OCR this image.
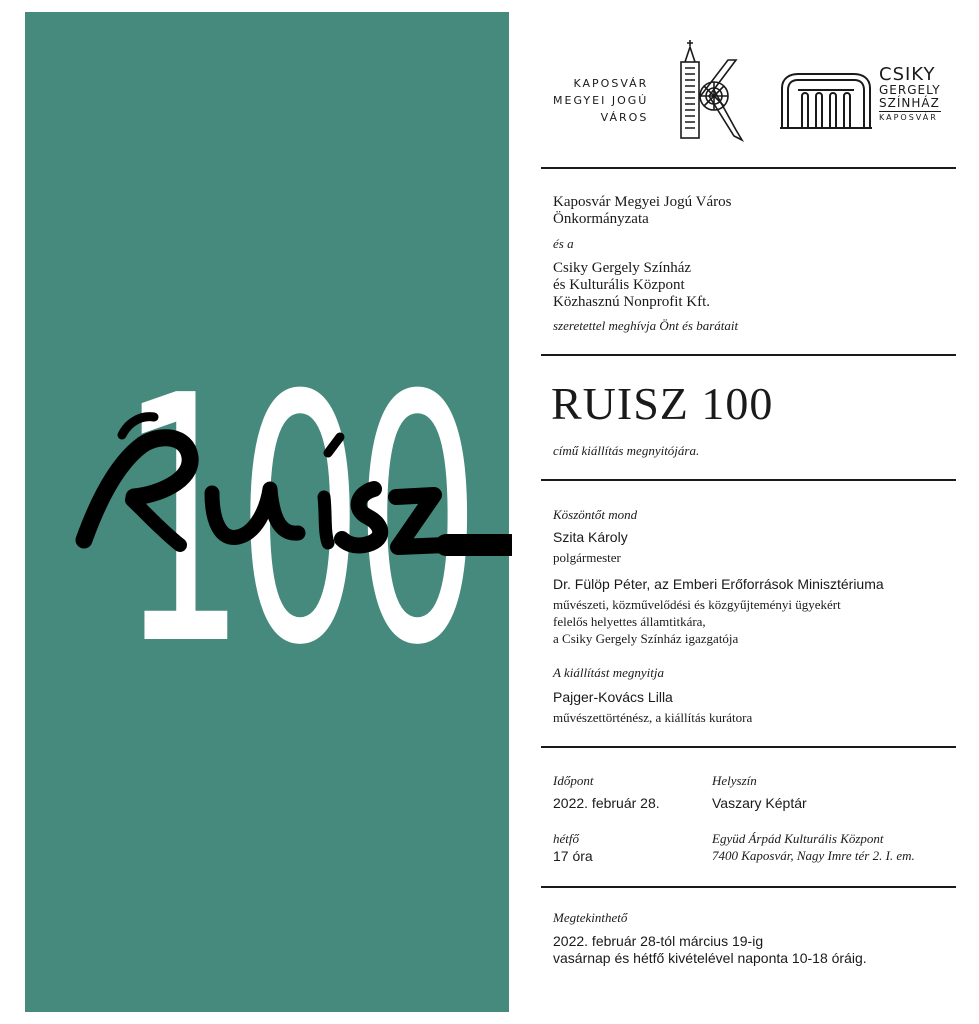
100
KAPOSVÁR
MEGYEI JOGÚ
VÁROS
CSIKY
GERGELY
SZÍNHÁZ
KAPOSVÁR
Kaposvár Megyei Jogú Város
Önkormányzata
és a
Csiky Gergely Színház
és Kulturális Központ
Közhasznú Nonprofit Kft.
szeretettel meghívja Önt és barátait
RUISZ 100
című kiállítás megnyitójára.
Köszöntőt mond
Szita Károly
polgármester
Dr. Fülöp Péter, az Emberi Erőforrások Minisztériuma
művészeti, közművelődési és közgyűjteményi ügyekért
felelős helyettes államtitkára,
a Csiky Gergely Színház igazgatója
A kiállítást megnyitja
Pajger-Kovács Lilla
művészettörténész, a kiállítás kurátora
Időpont
2022. február 28.
hétfő
17 óra
Helyszín
Vaszary Képtár
Együd Árpád Kulturális Központ
7400 Kaposvár, Nagy Imre tér 2. I. em.
Megtekinthető
2022. február 28-tól március 19-ig
vasárnap és hétfő kivételével naponta 10-18 óráig.
